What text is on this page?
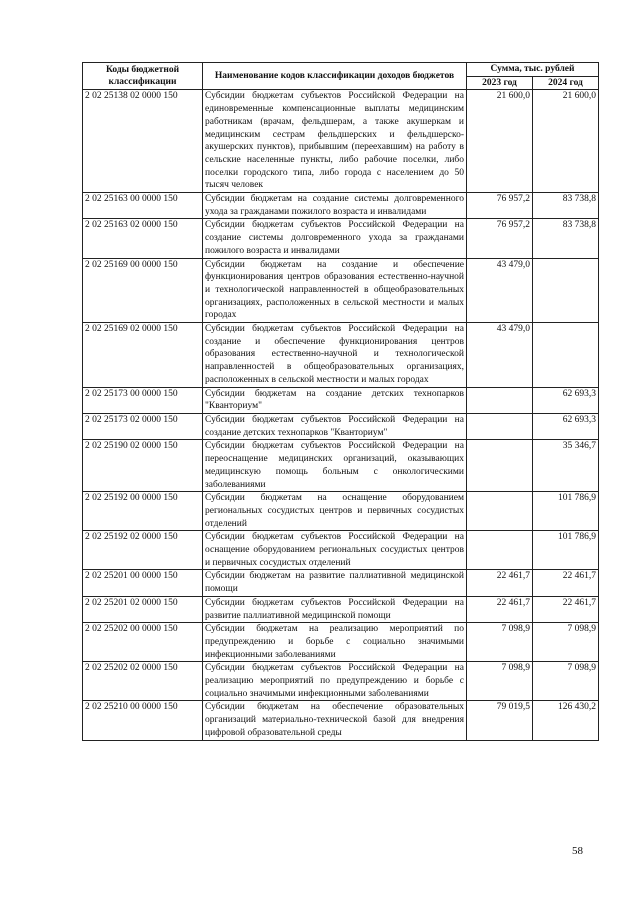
Коды бюджетной классификации	Наименование кодов классификации доходов бюджетов	Сумма, тыс. рублей	
		2023 год	2024 год
2 02 25138 02 0000 150	Субсидии бюджетам субъектов Российской Федерации на единовременные компенсационные выплаты медицинским работникам (врачам, фельдшерам, а также акушеркам и медицинским сестрам фельдшерских и фельдшерско-акушерских пунктов), прибывшим (переехавшим) на работу в сельские населенные пункты, либо рабочие поселки, либо поселки городского типа, либо города с населением до 50 тысяч человек	21 600,0	21 600,0
2 02 25163 00 0000 150	Субсидии бюджетам на создание системы долговременного ухода за гражданами пожилого возраста и инвалидами	76 957,2	83 738,8
2 02 25163 02 0000 150	Субсидии бюджетам субъектов Российской Федерации на создание системы долговременного ухода за гражданами пожилого возраста и инвалидами	76 957,2	83 738,8
2 02 25169 00 0000 150	Субсидии бюджетам на создание и обеспечение функционирования центров образования естественно-научной и технологической направленностей в общеобразовательных организациях, расположенных в сельской местности и малых городах	43 479,0	
2 02 25169 02 0000 150	Субсидии бюджетам субъектов Российской Федерации на создание и обеспечение функционирования центров образования естественно-научной и технологической направленностей в общеобразовательных организациях, расположенных в сельской местности и малых городах	43 479,0	
2 02 25173 00 0000 150	Субсидии бюджетам на создание детских технопарков "Кванториум"		62 693,3
2 02 25173 02 0000 150	Субсидии бюджетам субъектов Российской Федерации на создание детских технопарков "Кванториум"		62 693,3
2 02 25190 02 0000 150	Субсидии бюджетам субъектов Российской Федерации на переоснащение медицинских организаций, оказывающих медицинскую помощь больным с онкологическими заболеваниями		35 346,7
2 02 25192 00 0000 150	Субсидии бюджетам на оснащение оборудованием региональных сосудистых центров и первичных сосудистых отделений		101 786,9
2 02 25192 02 0000 150	Субсидии бюджетам субъектов Российской Федерации на оснащение оборудованием региональных сосудистых центров и первичных сосудистых отделений		101 786,9
2 02 25201 00 0000 150	Субсидии бюджетам на развитие паллиативной медицинской помощи	22 461,7	22 461,7
2 02 25201 02 0000 150	Субсидии бюджетам субъектов Российской Федерации на развитие паллиативной медицинской помощи	22 461,7	22 461,7
2 02 25202 00 0000 150	Субсидии бюджетам на реализацию мероприятий по предупреждению и борьбе с социально значимыми инфекционными заболеваниями	7 098,9	7 098,9
2 02 25202 02 0000 150	Субсидии бюджетам субъектов Российской Федерации на реализацию мероприятий по предупреждению и борьбе с социально значимыми инфекционными заболеваниями	7 098,9	7 098,9
2 02 25210 00 0000 150	Субсидии бюджетам на обеспечение образовательных организаций материально-технической базой для внедрения цифровой образовательной среды	79 019,5	126 430,2
58
